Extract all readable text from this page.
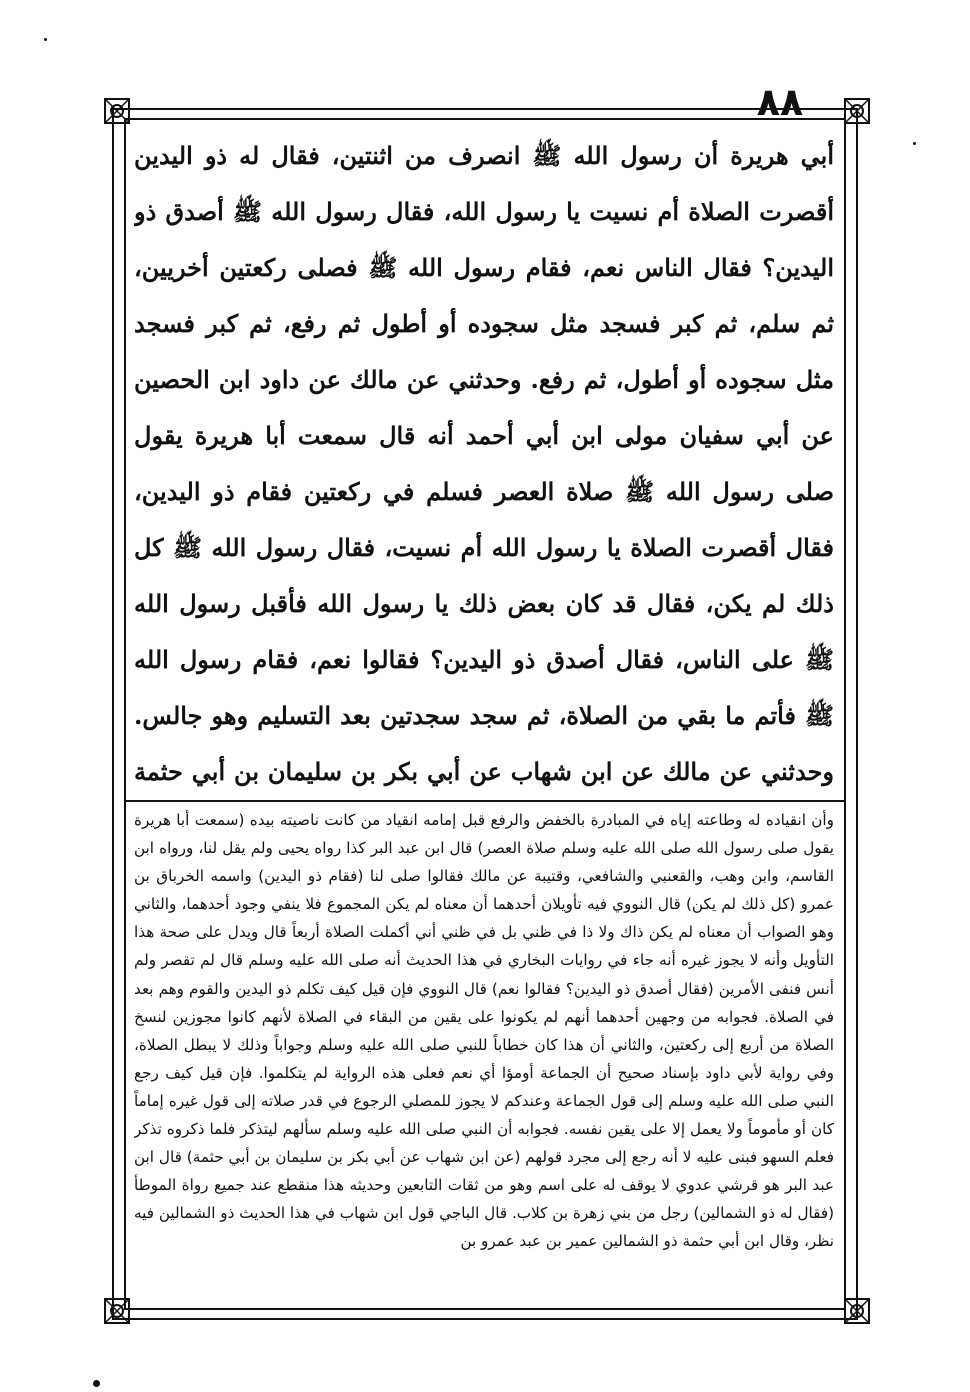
٨٨
أبي هريرة أن رسول الله ﷺ انصرف من اثنتين، فقال له ذو اليدين أقصرت الصلاة أم نسيت يا رسول الله، فقال رسول الله ﷺ أصدق ذو اليدين؟ فقال الناس نعم، فقام رسول الله ﷺ فصلى ركعتين أخريين، ثم سلم، ثم كبر فسجد مثل سجوده أو أطول ثم رفع، ثم كبر فسجد مثل سجوده أو أطول، ثم رفع. وحدثني عن مالك عن داود ابن الحصين عن أبي سفيان مولى ابن أبي أحمد أنه قال سمعت أبا هريرة يقول صلى رسول الله ﷺ صلاة العصر فسلم في ركعتين فقام ذو اليدين، فقال أقصرت الصلاة يا رسول الله أم نسيت، فقال رسول الله ﷺ كل ذلك لم يكن، فقال قد كان بعض ذلك يا رسول الله فأقبل رسول الله ﷺ على الناس، فقال أصدق ذو اليدين؟ فقالوا نعم، فقام رسول الله ﷺ فأتم ما بقي من الصلاة، ثم سجد سجدتين بعد التسليم وهو جالس. وحدثني عن مالك عن ابن شهاب عن أبي بكر بن سليمان بن أبي حثمة
وأن انقياده له وطاعته إياه في المبادرة بالخفض والرفع قبل إمامه انقياد من كانت ناصيته بيده (سمعت أبا هريرة يقول صلى رسول الله صلى الله عليه وسلم صلاة العصر) قال ابن عبد البر كذا رواه يحيى ولم يقل لنا، ورواه ابن القاسم، وابن وهب، والقعنبي والشافعي، وقتيبة عن مالك فقالوا صلى لنا (فقام ذو اليدين) واسمه الخرباق بن عمرو (كل ذلك لم يكن) قال النووي فيه تأويلان أحدهما أن معناه لم يكن المجموع فلا ينفي وجود أحدهما، والثاني وهو الصواب أن معناه لم يكن ذاك ولا ذا في ظني بل في ظني أني أكملت الصلاة أربعاً قال ويدل على صحة هذا التأويل وأنه لا يجوز غيره أنه جاء في روايات البخاري في هذا الحديث أنه صلى الله عليه وسلم قال لم تقصر ولم أنس فنفى الأمرين (فقال أصدق ذو اليدين؟ فقالوا نعم) قال النووي فإن قيل كيف تكلم ذو اليدين والقوم وهم بعد في الصلاة. فجوابه من وجهين أحدهما أنهم لم يكونوا على يقين من البقاء في الصلاة لأنهم كانوا مجوزين لنسخ الصلاة من أربع إلى ركعتين، والثاني أن هذا كان خطاباً للنبي صلى الله عليه وسلم وجواباً وذلك لا يبطل الصلاة، وفي رواية لأبي داود بإسناد صحيح أن الجماعة أومؤا أي نعم فعلى هذه الرواية لم يتكلموا. فإن قيل كيف رجع النبي صلى الله عليه وسلم إلى قول الجماعة وعندكم لا يجوز للمصلي الرجوع في قدر صلاته إلى قول غيره إماماً كان أو مأموماً ولا يعمل إلا على يقين نفسه. فجوابه أن النبي صلى الله عليه وسلم سألهم ليتذكر فلما ذكروه تذكر فعلم السهو فبنى عليه لا أنه رجع إلى مجرد قولهم (عن ابن شهاب عن أبي بكر بن سليمان بن أبي حثمة) قال ابن عبد البر هو قرشي عدوي لا يوقف له على اسم وهو من ثقات التابعين وحديثه هذا منقطع عند جميع رواة الموطأ (فقال له ذو الشمالين) رجل من بني زهرة بن كلاب. قال الباجي قول ابن شهاب في هذا الحديث ذو الشمالين فيه نظر، وقال ابن أبي حثمة ذو الشمالين عمير بن عبد عمرو بن
